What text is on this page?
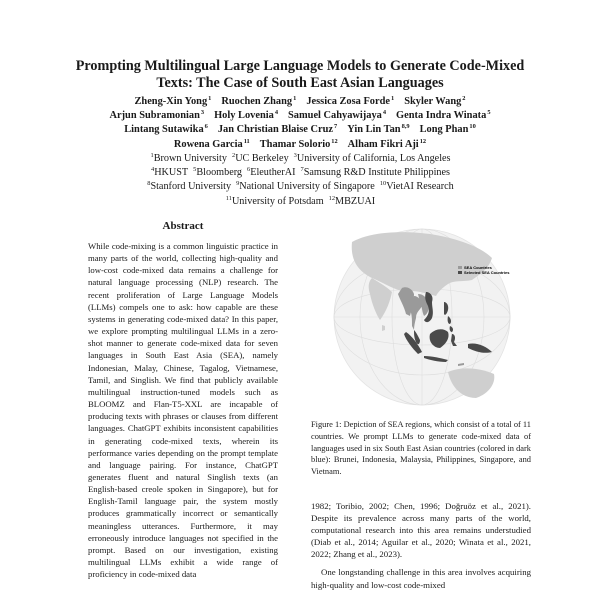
Prompting Multilingual Large Language Models to Generate Code-Mixed
Texts: The Case of South East Asian Languages
Zheng-Xin Yong$^1$ Ruochen Zhang$^1$ Jessica Zosa Forde$^1$ Skyler Wang$^2$
Arjun Subramonian$^3$ Holy Lovenia$^4$ Samuel Cahyawijaya$^4$ Genta Indra Winata$^5$
Lintang Sutawika$^6$ Jan Christian Blaise Cruz$^7$ Yin Lin Tan$^{8,9}$ Long Phan$^{10}$
Rowena Garcia$^{11}$ Thamar Solorio$^{12}$ Alham Fikri Aji$^{12}$
$^1$Brown University $^2$UC Berkeley $^3$University of California, Los Angeles
$^4$HKUST $^5$Bloomberg $^6$EleutherAI $^7$Samsung R&D Institute Philippines
$^8$Stanford University $^9$National University of Singapore $^{10}$VietAI Research
$^{11}$University of Potsdam $^{12}$MBZUAI
Abstract
While code-mixing is a common linguistic practice in many parts of the world, collecting high-quality and low-cost code-mixed data remains a challenge for natural language processing (NLP) research. The recent proliferation of Large Language Models (LLMs) compels one to ask: how capable are these systems in generating code-mixed data? In this paper, we explore prompting multilingual LLMs in a zero-shot manner to generate code-mixed data for seven languages in South East Asia (SEA), namely Indonesian, Malay, Chinese, Tagalog, Vietnamese, Tamil, and Singlish. We find that publicly available multilingual instruction-tuned models such as BLOOMZ and Flan-T5-XXL are incapable of producing texts with phrases or clauses from different languages. ChatGPT exhibits inconsistent capabilities in generating code-mixed texts, wherein its performance varies depending on the prompt template and language pairing. For instance, ChatGPT generates fluent and natural Singlish texts (an English-based creole spoken in Singapore), but for English-Tamil language pair, the system mostly produces grammatically incorrect or semantically meaningless utterances. Furthermore, it may erroneously introduce languages not specified in the prompt. Based on our investigation, existing multilingual LLMs exhibit a wide range of proficiency in code-mixed data
SEA Countries
Selected SEA Countries
Figure 1: Depiction of SEA regions, which consist of a total of 11 countries. We prompt LLMs to generate code-mixed data of languages used in six South East Asian countries (colored in dark blue): Brunei, Indonesia, Malaysia, Philippines, Singapore, and Vietnam.
1982; Toribio, 2002; Chen, 1996; Doğruöz et al., 2021). Despite its prevalence across many parts of the world, computational research into this area remains understudied (Diab et al., 2014; Aguilar et al., 2020; Winata et al., 2021, 2022; Zhang et al., 2023).
One longstanding challenge in this area involves acquiring high-quality and low-cost code-mixed
